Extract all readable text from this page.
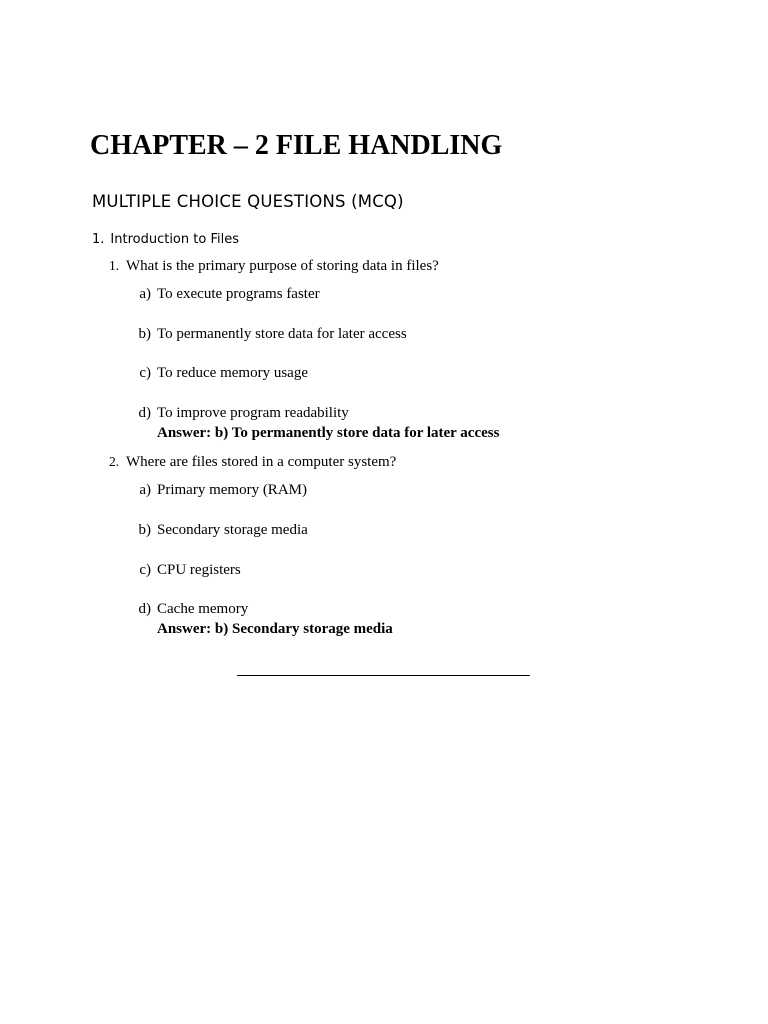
CHAPTER – 2 FILE HANDLING
MULTIPLE CHOICE QUESTIONS (MCQ)
1. Introduction to Files
1. What is the primary purpose of storing data in files?
a) To execute programs faster
b) To permanently store data for later access
c) To reduce memory usage
d) To improve program readability
Answer: b) To permanently store data for later access
2. Where are files stored in a computer system?
a) Primary memory (RAM)
b) Secondary storage media
c) CPU registers
d) Cache memory
Answer: b) Secondary storage media
